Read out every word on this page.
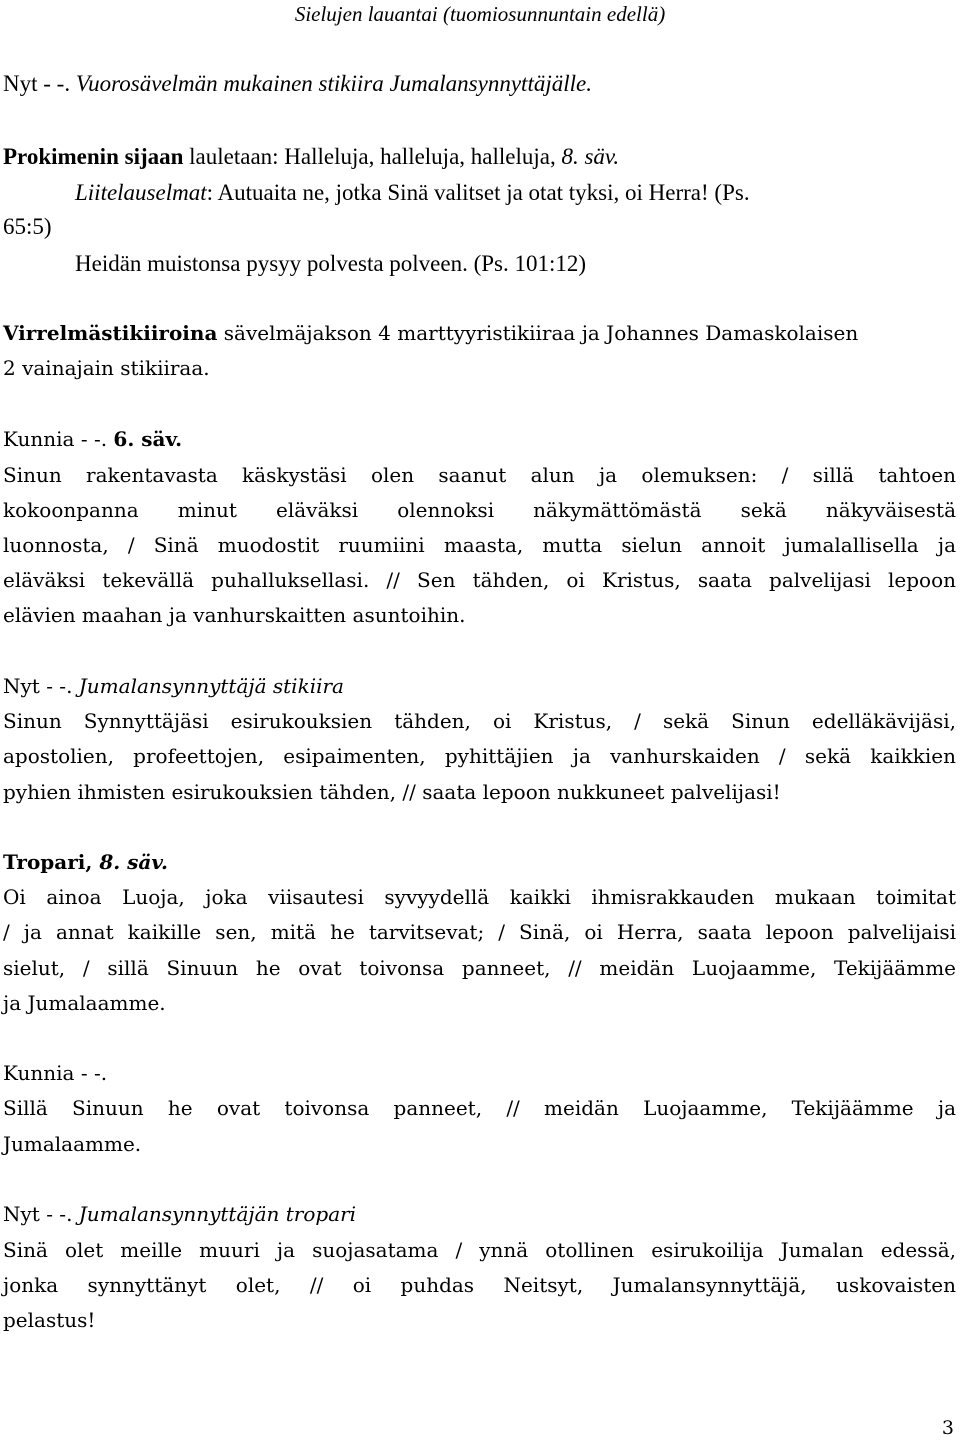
Sielujen lauantai (tuomiosunnuntain edellä)
Nyt - -. Vuorosävelmän mukainen stikiira Jumalansynnyttäjälle.
Prokimenin sijaan lauletaan: Halleluja, halleluja, halleluja, 8. säv.
Liitelauselmat: Autuaita ne, jotka Sinä valitset ja otat tyksi, oi Herra! (Ps.
65:5)
Heidän muistonsa pysyy polvesta polveen. (Ps. 101:12)
Virrelmästikiiroina sävelmäjakson 4 marttyyristikiiraa ja Johannes Damaskolaisen
2 vainajain stikiiraa.
Kunnia - -. 6. säv.
Sinun rakentavasta käskystäsi olen saanut alun ja olemuksen: / sillä tahtoen
kokoonpanna minut eläväksi olennoksi näkymättömästä sekä näkyväisestä
luonnosta, / Sinä muodostit ruumiini maasta, mutta sielun annoit jumalallisella ja
eläväksi tekevällä puhalluksellasi. // Sen tähden, oi Kristus, saata palvelijasi lepoon
elävien maahan ja vanhurskaitten asuntoihin.
Nyt - -. Jumalansynnyttäjä stikiira
Sinun Synnyttäjäsi esirukouksien tähden, oi Kristus, / sekä Sinun edelläkävijäsi,
apostolien, profeettojen, esipaimenten, pyhittäjien ja vanhurskaiden / sekä kaikkien
pyhien ihmisten esirukouksien tähden, // saata lepoon nukkuneet palvelijasi!
Tropari, 8. säv.
Oi ainoa Luoja, joka viisautesi syvyydellä kaikki ihmisrakkauden mukaan toimitat
/ ja annat kaikille sen, mitä he tarvitsevat; / Sinä, oi Herra, saata lepoon palvelijaisi
sielut, / sillä Sinuun he ovat toivonsa panneet, // meidän Luojaamme, Tekijäämme
ja Jumalaamme.
Kunnia - -.
Sillä Sinuun he ovat toivonsa panneet, // meidän Luojaamme, Tekijäämme ja
Jumalaamme.
Nyt - -. Jumalansynnyttäjän tropari
Sinä olet meille muuri ja suojasatama / ynnä otollinen esirukoilija Jumalan edessä,
jonka synnyttänyt olet, // oi puhdas Neitsyt, Jumalansynnyttäjä, uskovaisten
pelastus!
3
